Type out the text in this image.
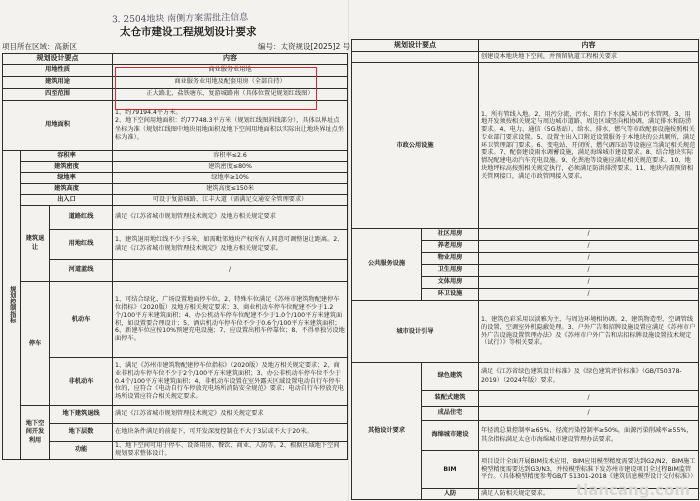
3. 2504地块 南侧方案需批注信息
太仓市建设工程规划设计要求
项目所在区域：高新区	编号：太资规设[2025]2 号
规划设计要点			内容
用地性质			商业服务业用地
建筑用途			商业服务业用地及配套用房（全部自持）
四至范围			正大路北、盐铁塘东、复游城路南（具体位置见规划红线图）
用地面积			1、约79194.4平方米。
2、地下空间用地面积：约77748.3平方米（规划红线图斜线部分），具体以界址点坐标为准（规划红线图中地块用地面积及地下空间用地面积以实际出让地块界址点坐标为准）。

规划控制指标	容积率		容积率≤2.6
	建筑密度		建筑密度≤80%
	绿地率		绿地率≥10%
	建筑高度		建筑高度≤150米
	出入口		可设于复游城路、江丰大道（需满足交通安全管理要求）
	建筑退让	道路红线	满足《江苏省城市规划管理技术规定》及地方相关规定要求
		用地红线	1、建筑退用地红线不少于5米，如需毗邻地块产权所有人同意可调整退让距离。2、满足《江苏省城市规划管理技术规定》及地方相关规定要求。
		河道蓝线	/
	停车	机动车	1、可结合绿化、广场设置地面停车位。2、特殊车位满足《苏州市建筑物配建停车位指标》（2020版）及地方相关规定要求；3、商业机动车停车位配建不少于1.2个/100平方米建筑面积；4、办公机动车停车位配建不少于1.0个/100平方米建筑面积，如设置要合理设计；5、酒店机动车停车位不少于0.6个/100平方米建筑面积；6、新建车位应按10%预建充电设施；7、应设置出租车停靠位；8、不得单独另设地面停车。
		非机动车	1、满足《苏州市建筑物配建停车位指标》（2020版）及地方相关规定要求；2、商业非机动车停车位不少于2个/100平方米建筑面积；3、办公非机动车停车位不少于0.4个/100平方米建筑面积；4、非机动车设置在室外露天区域设置电动自行车停车位的，应符合《电动自行车停放充电场所消防安全规范》要求；电动自行车停放充电场所设置应符合相关规定要求。
	地下空间开发利用	地下建筑退线	满足《江苏省城市规划管理技术规定》及相关规定要求
		地下层数	在地块条件满足的前提下，可开发深度控制在不大于3层或不大于20米。
		功能	1、地下空间可用于停车、设备用房、餐饮、商业、人防等。2、根据区域地下空间规划要求整体设计。
规划设计要点		内容
		创建设本地块地下空间，并预留轨道工程相关要求
市政公用设施		1、所有管线入地。2、用污分流，污水、阳台下水接入城市污水管网。3、用地开发须按相关规定与周边城市道路、周边区域竖向相协调，满足排水和防涝要求。4、电力、通信（5G基站）、给水、排水、燃气等市政配套设施按照相关专业部门要求设置。5、设置主出入口附近设置服务于本地块的公共厕所，满足环卫管理部门要求。6、变电站、开闭所、燃气调压站等设施应当满足相关规范要求。7、配套建设雨水调蓄设施，满足海绵城市建设要求。8、结合地块实际情况配建电动汽车充电设施。9、化粪池等设施应满足相关规范要求。10、地块地坪标高按照相关规定执行，必须满足防洪排涝要求。11、地块内需预留相关管网接口，满足市政管网接入要求。
公共服务设施	社区用房	/
	养老用房	/
	物业用房	/
	卫生用房	/
	文体用房	/
	环卫设施	/
城市设计引导		1、建筑色彩采用以淡雅为主，与周边环境相协调。2、建筑物造型、空调管线的设置、空调室外机隐蔽处理。3、户外广告和招牌设施设置应满足《苏州市户外广告设施设置管理办法》及《苏州市户外广告和店招标牌设施设置技术规定（试行）》等相关要求。
其他设计要求	绿色建筑	满足《江苏省绿色建筑设计标准》及《绿色建筑评价标准》（GB/T50378-2019）（2024年版）要求。
	装配式建筑	/
	成品住宅	/
	海绵城市建设	年径流总量控制率≥65%，径流污染控制率≥50%，面源污染削减率≥55%，其余指标满足太仓市海绵城市建设管理办法要求。
	BIM	项目设计全面开展BIM技术应用，BIM应用模型精度需要达到G2/N2，BIM施工模型精度需要达到G3/N3，并按模型标准下发苏州市建设项目全过程BIM监管平台。（具体模型精度参考GB/T 51301-2018《建筑信息模型设计交付标准》）
	人防	满足人防相关规定要求。 tiancang.com
